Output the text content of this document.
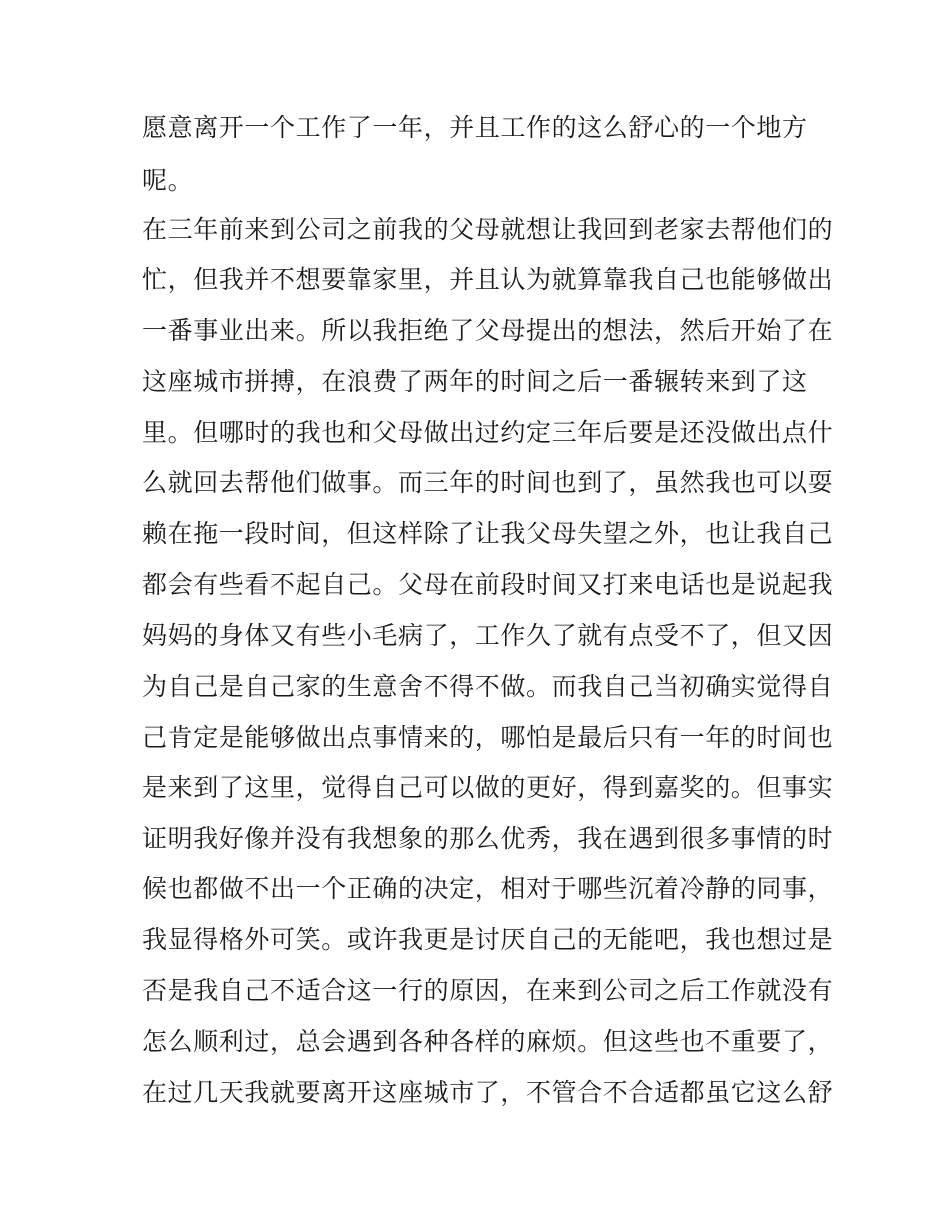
愿意离开一个工作了一年，并且工作的这么舒心的一个地方
呢。
在三年前来到公司之前我的父母就想让我回到老家去帮他们的
忙，但我并不想要靠家里，并且认为就算靠我自己也能够做出
一番事业出来。所以我拒绝了父母提出的想法，然后开始了在
这座城市拼搏，在浪费了两年的时间之后一番辗转来到了这
里。但哪时的我也和父母做出过约定三年后要是还没做出点什
么就回去帮他们做事。而三年的时间也到了，虽然我也可以耍
赖在拖一段时间，但这样除了让我父母失望之外，也让我自己
都会有些看不起自己。父母在前段时间又打来电话也是说起我
妈妈的身体又有些小毛病了，工作久了就有点受不了，但又因
为自己是自己家的生意舍不得不做。而我自己当初确实觉得自
己肯定是能够做出点事情来的，哪怕是最后只有一年的时间也
是来到了这里，觉得自己可以做的更好，得到嘉奖的。但事实
证明我好像并没有我想象的那么优秀，我在遇到很多事情的时
候也都做不出一个正确的决定，相对于哪些沉着冷静的同事，
我显得格外可笑。或许我更是讨厌自己的无能吧，我也想过是
否是我自己不适合这一行的原因，在来到公司之后工作就没有
怎么顺利过，总会遇到各种各样的麻烦。但这些也不重要了，
在过几天我就要离开这座城市了，不管合不合适都虽它这么舒
